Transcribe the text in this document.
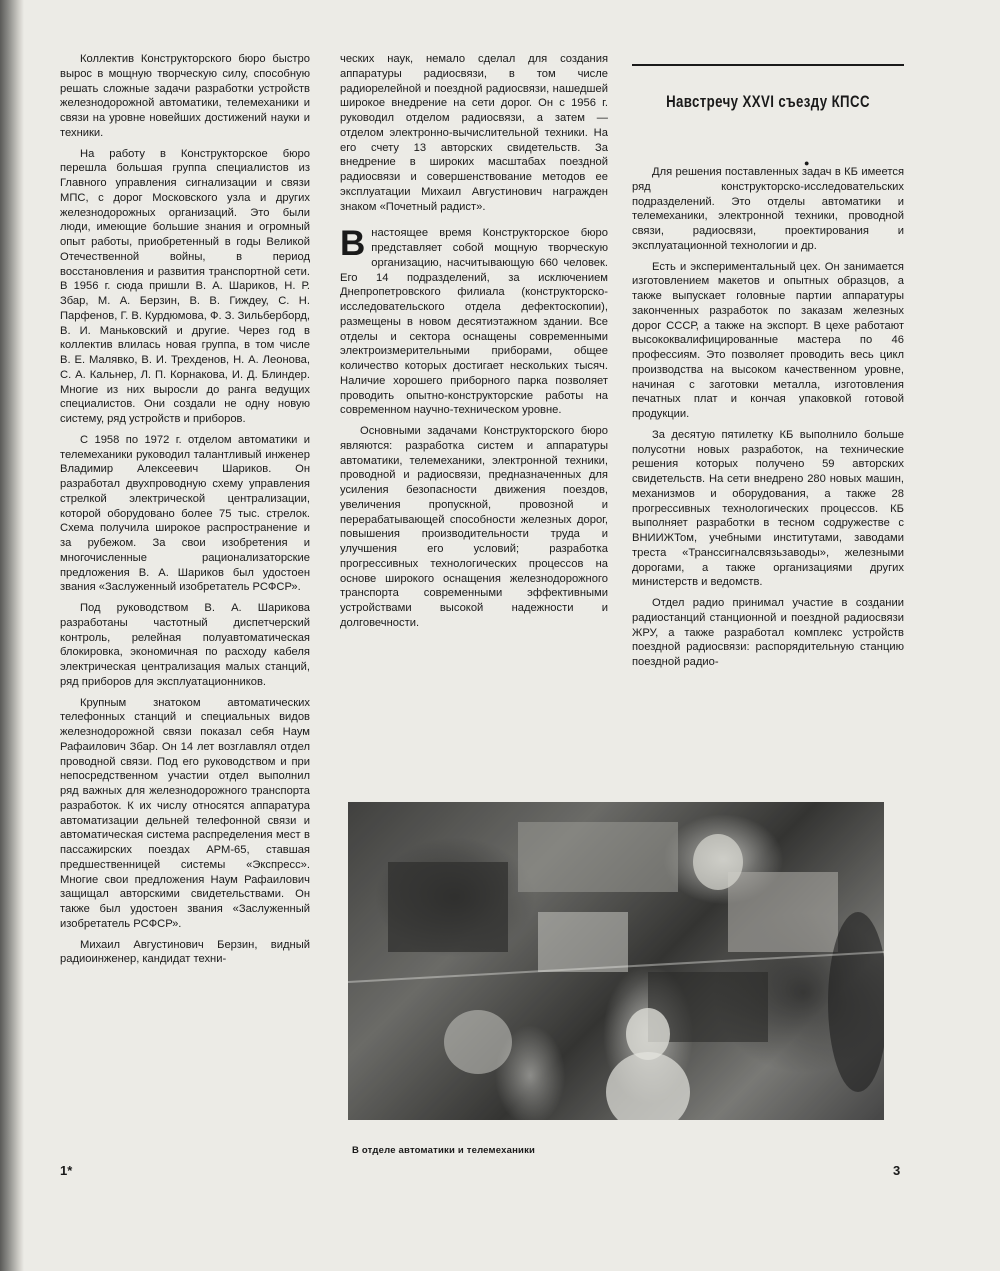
Коллектив Конструкторского бюро быстро вырос в мощную творческую силу, способную решать сложные задачи разработки устройств железнодорожной автоматики, телемеханики и связи на уровне новейших достижений науки и техники.

На работу в Конструкторское бюро перешла большая группа специалистов из Главного управления сигнализации и связи МПС, с дорог Московского узла и других железнодорожных организаций. Это были люди, имеющие большие знания и огромный опыт работы, приобретенный в годы Великой Отечественной войны, в период восстановления и развития транспортной сети. В 1956 г. сюда пришли В. А. Шариков, Н. Р. Збар, М. А. Берзин, В. В. Гиждеу, С. Н. Парфенов, Г. В. Курдюмова, Ф. З. Зильберборд, В. И. Маньковский и другие. Через год в коллектив влилась новая группа, в том числе В. Е. Малявко, В. И. Трехденов, Н. А. Леонова, С. А. Кальнер, Л. П. Корнакова, И. Д. Блиндер. Многие из них выросли до ранга ведущих специалистов. Они создали не одну новую систему, ряд устройств и приборов.

С 1958 по 1972 г. отделом автоматики и телемеханики руководил талантливый инженер Владимир Алексеевич Шариков. Он разработал двухпроводную схему управления стрелкой электрической централизации, которой оборудовано более 75 тыс. стрелок. Схема получила широкое распространение и за рубежом. За свои изобретения и многочисленные рационализаторские предложения В. А. Шариков был удостоен звания «Заслуженный изобретатель РСФСР».

Под руководством В. А. Шарикова разработаны частотный диспетчерский контроль, релейная полуавтоматическая блокировка, экономичная по расходу кабеля электрическая централизация малых станций, ряд приборов для эксплуатационников.

Крупным знатоком автоматических телефонных станций и специальных видов железнодорожной связи показал себя Наум Рафаилович Збар. Он 14 лет возглавлял отдел проводной связи. Под его руководством и при непосредственном участии отдел выполнил ряд важных для железнодорожного транспорта разработок. К их числу относятся аппаратура автоматизации дельней телефонной связи и автоматическая система распределения мест в пассажирских поездах АРМ-65, ставшая предшественницей системы «Экспресс». Многие свои предложения Наум Рафаилович защищал авторскими свидетельствами. Он также был удостоен звания «Заслуженный изобретатель РСФСР».

Михаил Августинович Берзин, видный радиоинженер, кандидат техни-

ческих наук, немало сделал для создания аппаратуры радиосвязи, в том числе радиорелейной и поездной радиосвязи, нашедшей широкое внедрение на сети дорог. Он с 1956 г. руководил отделом радиосвязи, а затем — отделом электронно-вычислительной техники. На его счету 13 авторских свидетельств. За внедрение в широких масштабах поездной радиосвязи и совершенствование методов ее эксплуатации Михаил Августинович награжден знаком «Почетный радист».

Внастоящее время Конструкторское бюро представляет собой мощную творческую организацию, насчитывающую 660 человек. Его 14 подразделений, за исключением Днепропетровского филиала (конструкторско-исследовательского отдела дефектоскопии), размещены в новом десятиэтажном здании. Все отделы и сектора оснащены современными электроизмерительными приборами, общее количество которых достигает нескольких тысяч. Наличие хорошего приборного парка позволяет проводить опытно-конструкторские работы на современном научно-техническом уровне.

Основными задачами Конструкторского бюро являются: разработка систем и аппаратуры автоматики, телемеханики, электронной техники, проводной и радиосвязи, предназначенных для усиления безопасности движения поездов, увеличения пропускной, провозной и перерабатывающей способности железных дорог, повышения производительности труда и улучшения его условий; разработка прогрессивных технологических процессов на основе широкого оснащения железнодорожного транспорта современными эффективными устройствами высокой надежности и долговечности.

Навстречу XXVI съезду КПСС
●

Для решения поставленных задач в КБ имеется ряд конструкторско-исследовательских подразделений. Это отделы автоматики и телемеханики, электронной техники, проводной связи, радиосвязи, проектирования и эксплуатационной технологии и др.

Есть и экспериментальный цех. Он занимается изготовлением макетов и опытных образцов, а также выпускает головные партии аппаратуры законченных разработок по заказам железных дорог СССР, а также на экспорт. В цехе работают высококвалифицированные мастера по 46 профессиям. Это позволяет проводить весь цикл производства на высоком качественном уровне, начиная с заготовки металла, изготовления печатных плат и кончая упаковкой готовой продукции.

За десятую пятилетку КБ выполнило больше полусотни новых разработок, на технические решения которых получено 59 авторских свидетельств. На сети внедрено 280 новых машин, механизмов и оборудования, а также 28 прогрессивных технологических процессов. КБ выполняет разработки в тесном содружестве с ВНИИЖТом, учебными институтами, заводами треста «Трансcигналсвязьзаводы», железными дорогами, а также организациями других министерств и ведомств.

Отдел радио принимал участие в создании радиостанций станционной и поездной радиосвязи ЖРУ, а также разработал комплекс устройств поездной радиосвязи: распорядительную станцию поездной радио-

В отделе автоматики и телемеханики
1*	3
